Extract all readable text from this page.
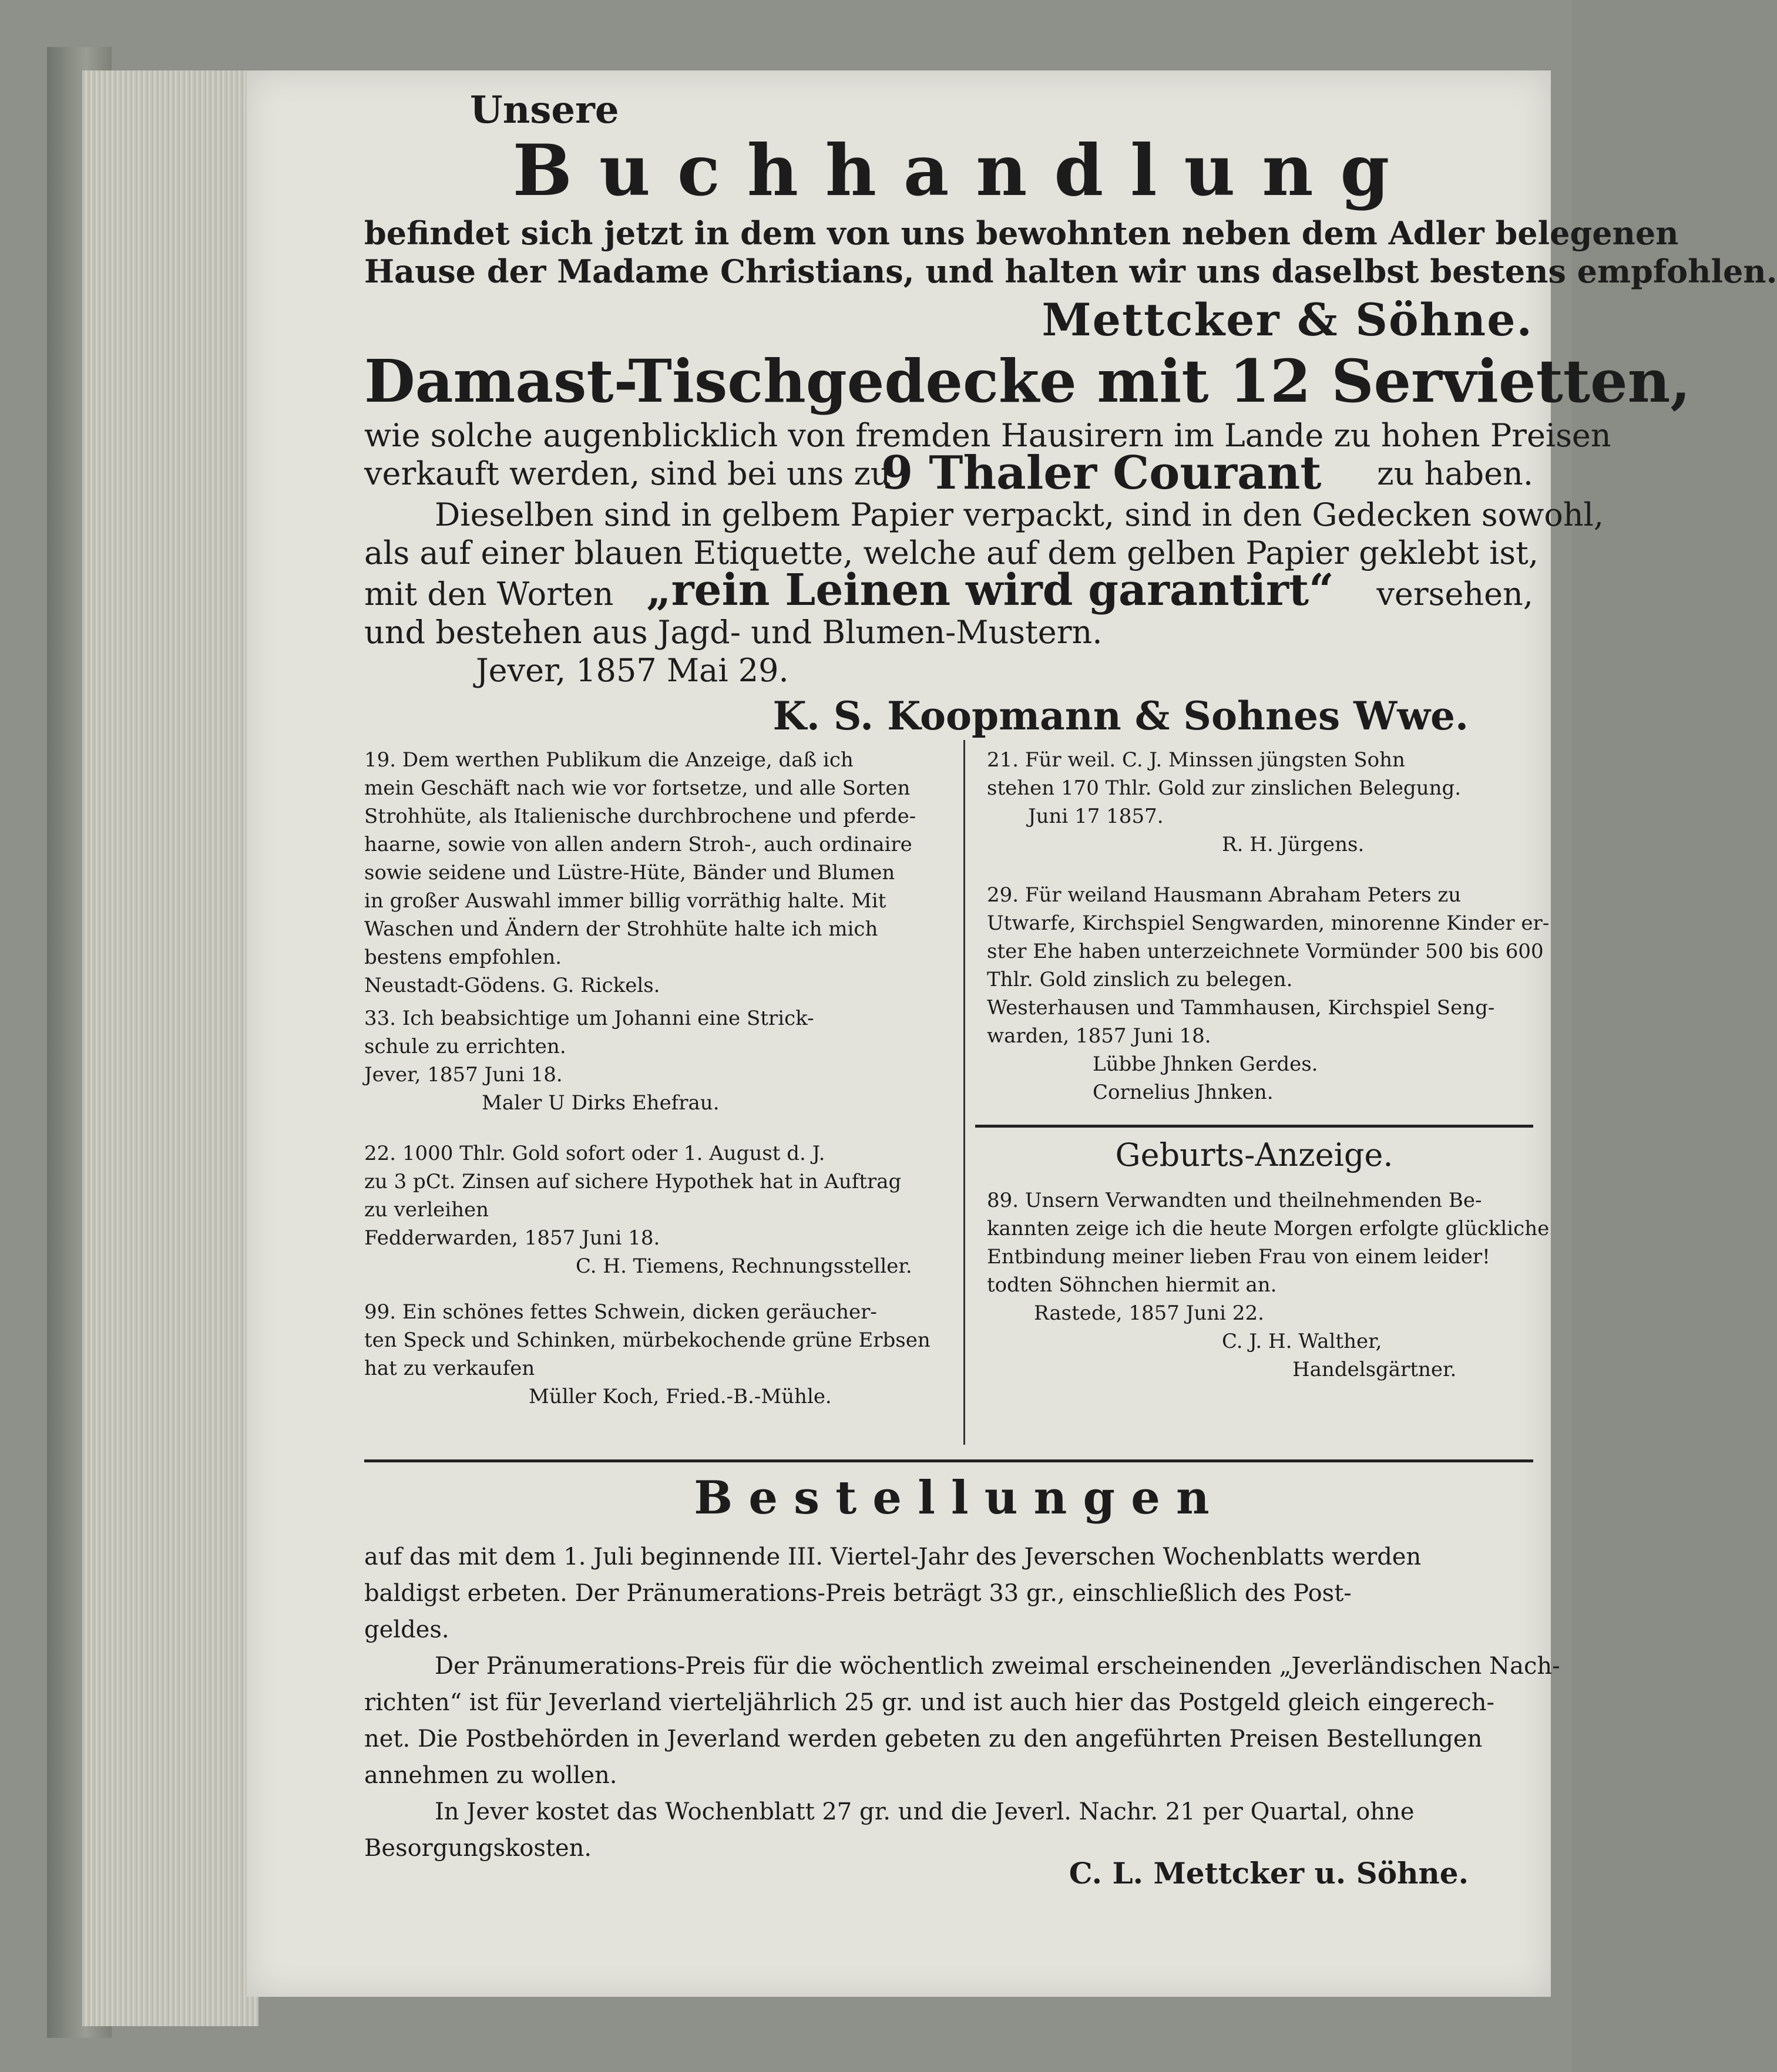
Unsere
B u c h h a n d l u n g
befindet sich jetzt in dem von uns bewohnten neben dem Adler belegenen
Hause der Madame Christians, und halten wir uns daselbst bestens empfohlen.
Mettcker & Söhne.
Damast-Tischgedecke mit 12 Servietten,
wie solche augenblicklich von fremden Hausirern im Lande zu hohen Preisen
verkauft werden, sind bei uns zu
9 Thaler Courant zu haben.
Dieselben sind in gelbem Papier verpackt, sind in den Gedecken sowohl,
als auf einer blauen Etiquette, welche auf dem gelben Papier geklebt ist,
mit den Worten „rein Leinen wird garantirt“ versehen,
und bestehen aus Jagd- und Blumen-Mustern.
Jever, 1857 Mai 29.
K. S. Koopmann & Sohnes Wwe.
19. Dem werthen Publikum die Anzeige, daß ich
mein Geschäft nach wie vor fortsetze, und alle Sorten
Strohhüte, als Italienische durchbrochene und pferde-
haarne, sowie von allen andern Stroh-, auch ordinaire
sowie seidene und Lüstre-Hüte, Bänder und Blumen
in großer Auswahl immer billig vorräthig halte. Mit
Waschen und Ändern der Strohhüte halte ich mich
bestens empfohlen.
Neustadt-Gödens. G. Rickels.
33. Ich beabsichtige um Johanni eine Strick-
schule zu errichten.
Jever, 1857 Juni 18.
Maler U Dirks Ehefrau.
22. 1000 Thlr. Gold sofort oder 1. August d. J.
zu 3 pCt. Zinsen auf sichere Hypothek hat in Auftrag
zu verleihen
Fedderwarden, 1857 Juni 18.
C. H. Tiemens, Rechnungssteller.
99. Ein schönes fettes Schwein, dicken geräucher-
ten Speck und Schinken, mürbekochende grüne Erbsen
hat zu verkaufen
Müller Koch, Fried.-B.-Mühle.
21. Für weil. C. J. Minssen jüngsten Sohn
stehen 170 Thlr. Gold zur zinslichen Belegung.
Juni 17 1857.
R. H. Jürgens.
29. Für weiland Hausmann Abraham Peters zu
Utwarfe, Kirchspiel Sengwarden, minorenne Kinder er-
ster Ehe haben unterzeichnete Vormünder 500 bis 600
Thlr. Gold zinslich zu belegen.
Westerhausen und Tammhausen, Kirchspiel Seng-
warden, 1857 Juni 18.
Lübbe Jhnken Gerdes.
Cornelius Jhnken.
Geburts-Anzeige.
89. Unsern Verwandten und theilnehmenden Be-
kannten zeige ich die heute Morgen erfolgte glückliche
Entbindung meiner lieben Frau von einem leider!
todten Söhnchen hiermit an.
Rastede, 1857 Juni 22.
C. J. H. Walther,
Handelsgärtner.
B e s t e l l u n g e n
auf das mit dem 1. Juli beginnende III. Viertel-Jahr des Jeverschen Wochenblatts werden
baldigst erbeten. Der Pränumerations-Preis beträgt 33 gr., einschließlich des Post-
geldes.
Der Pränumerations-Preis für die wöchentlich zweimal erscheinenden „Jeverländischen Nach-
richten“ ist für Jeverland vierteljährlich 25 gr. und ist auch hier das Postgeld gleich eingerech-
net. Die Postbehörden in Jeverland werden gebeten zu den angeführten Preisen Bestellungen
annehmen zu wollen.
In Jever kostet das Wochenblatt 27 gr. und die Jeverl. Nachr. 21 per Quartal, ohne
Besorgungskosten.
C. L. Mettcker u. Söhne.
